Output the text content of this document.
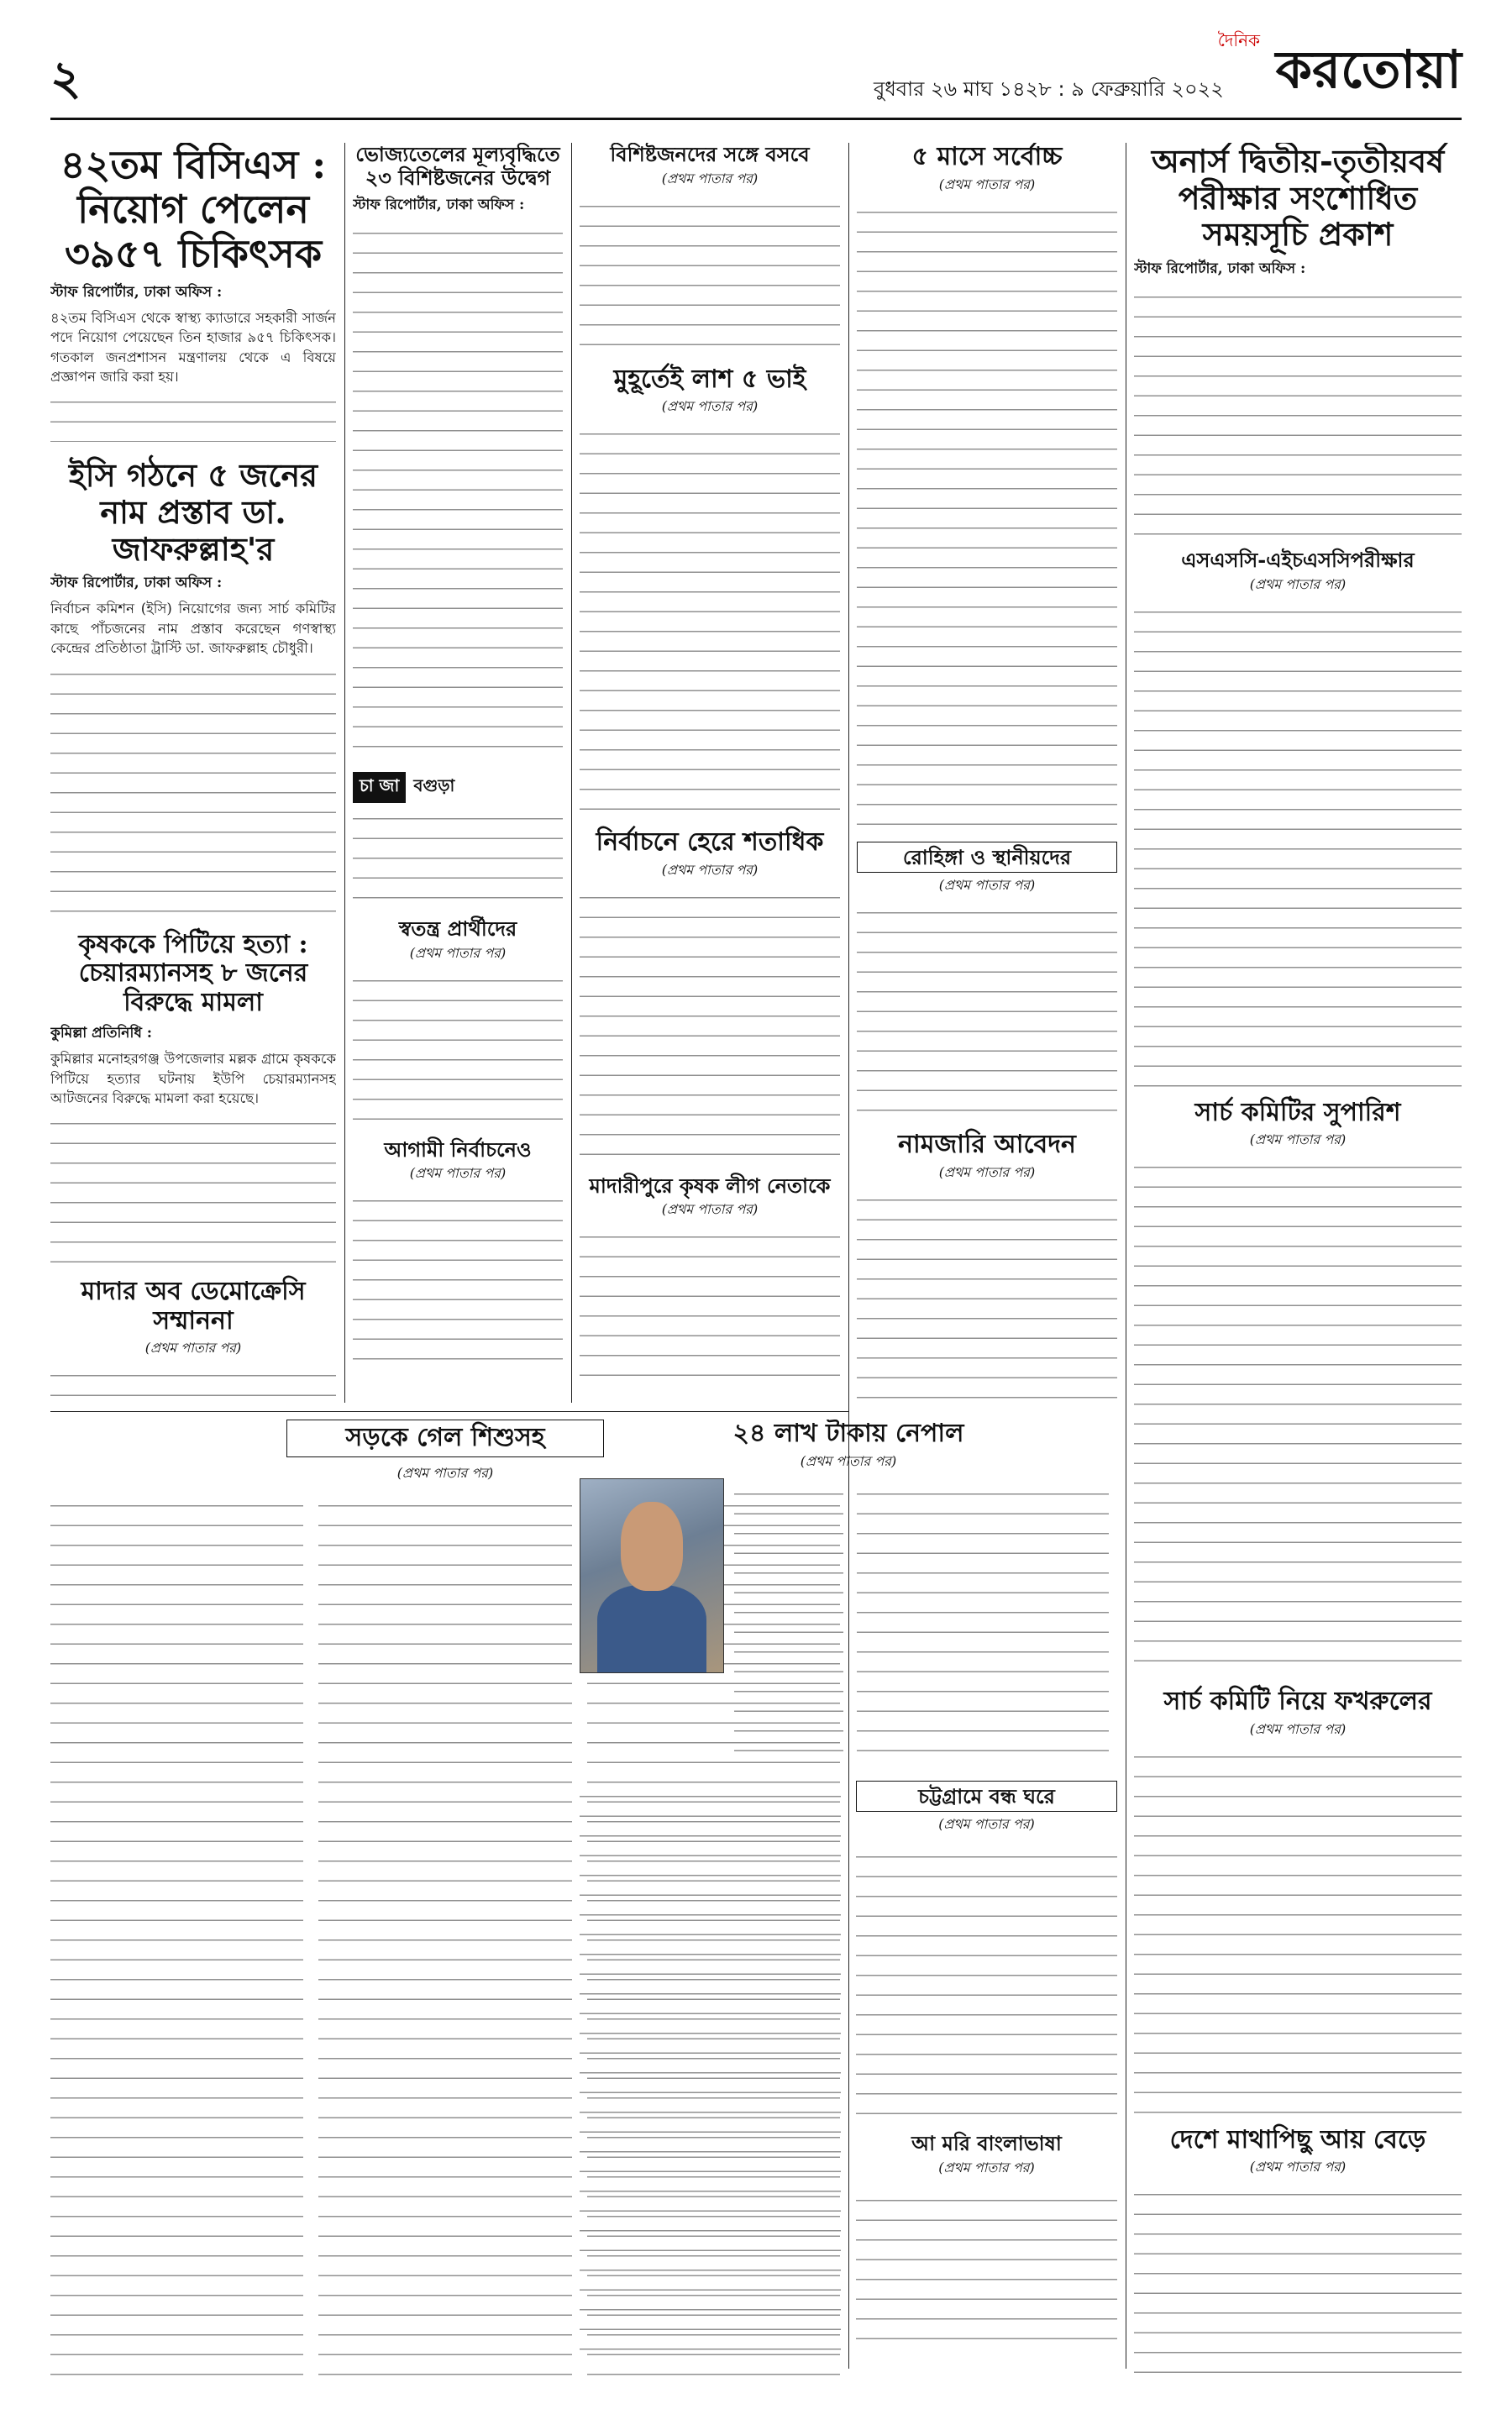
২	বুধবার ২৬ মাঘ ১৪২৮ : ৯ ফেব্রুয়ারি ২০২২
দৈনিক করতোয়া
৪২তম বিসিএস : নিয়োগ পেলেন ৩৯৫৭ চিকিৎসক
স্টাফ রিপোর্টার, ঢাকা অফিস :

৪২তম বিসিএস থেকে স্বাস্থ্য ক্যাডারে সহকারী সার্জন পদে নিয়োগ পেয়েছেন তিন হাজার ৯৫৭ চিকিৎসক। গতকাল জনপ্রশাসন মন্ত্রণালয় থেকে এ বিষয়ে প্রজ্ঞাপন জারি করা হয়।

ইসি গঠনে ৫ জনের নাম প্রস্তাব ডা. জাফরুল্লাহ'র
স্টাফ রিপোর্টার, ঢাকা অফিস :

নির্বাচন কমিশন (ইসি) নিয়োগের জন্য সার্চ কমিটির কাছে পাঁচজনের নাম প্রস্তাব করেছেন গণস্বাস্থ্য কেন্দ্রের প্রতিষ্ঠাতা ট্রাস্টি ডা. জাফরুল্লাহ চৌধুরী।

কৃষককে পিটিয়ে হত্যা : চেয়ারম্যানসহ ৮ জনের বিরুদ্ধে মামলা
কুমিল্লা প্রতিনিধি :

কুমিল্লার মনোহরগঞ্জ উপজেলার মল্লক গ্রামে কৃষককে পিটিয়ে হত্যার ঘটনায় ইউপি চেয়ারম্যানসহ আটজনের বিরুদ্ধে মামলা করা হয়েছে।

মাদার অব ডেমোক্রেসি সম্মাননা
(প্রথম পাতার পর)
ভোজ্যতেলের মূল্যবৃদ্ধিতে ২৩ বিশিষ্টজনের উদ্বেগ
স্টাফ রিপোর্টার, ঢাকা অফিস :
চা জা বগুড়া
স্বতন্ত্র প্রার্থীদের
(প্রথম পাতার পর)
আগামী নির্বাচনেও
(প্রথম পাতার পর)
সড়কে গেল শিশুসহ
(প্রথম পাতার পর)
বিশিষ্টজনদের সঙ্গে বসবে
(প্রথম পাতার পর)
মুহূর্তেই লাশ ৫ ভাই
(প্রথম পাতার পর)
নির্বাচনে হেরে শতাধিক
(প্রথম পাতার পর)
মাদারীপুরে কৃষক লীগ নেতাকে
(প্রথম পাতার পর)
৫ মাসে সর্বোচ্চ
(প্রথম পাতার পর)
রোহিঙ্গা ও স্থানীয়দের
(প্রথম পাতার পর)
নামজারি আবেদন
(প্রথম পাতার পর)
২৪ লাখ টাকায় নেপাল
(প্রথম পাতার পর)
চট্টগ্রামে বন্ধ ঘরে
(প্রথম পাতার পর)
আ মরি বাংলাভাষা
(প্রথম পাতার পর)
অনার্স দ্বিতীয়-তৃতীয়বর্ষ পরীক্ষার সংশোধিত সময়সূচি প্রকাশ
স্টাফ রিপোর্টার, ঢাকা অফিস :
এসএসসি-এইচএসসিপরীক্ষার
(প্রথম পাতার পর)
সার্চ কমিটির সুপারিশ
(প্রথম পাতার পর)
সার্চ কমিটি নিয়ে ফখরুলের
(প্রথম পাতার পর)
দেশে মাথাপিছু আয় বেড়ে
(প্রথম পাতার পর)
